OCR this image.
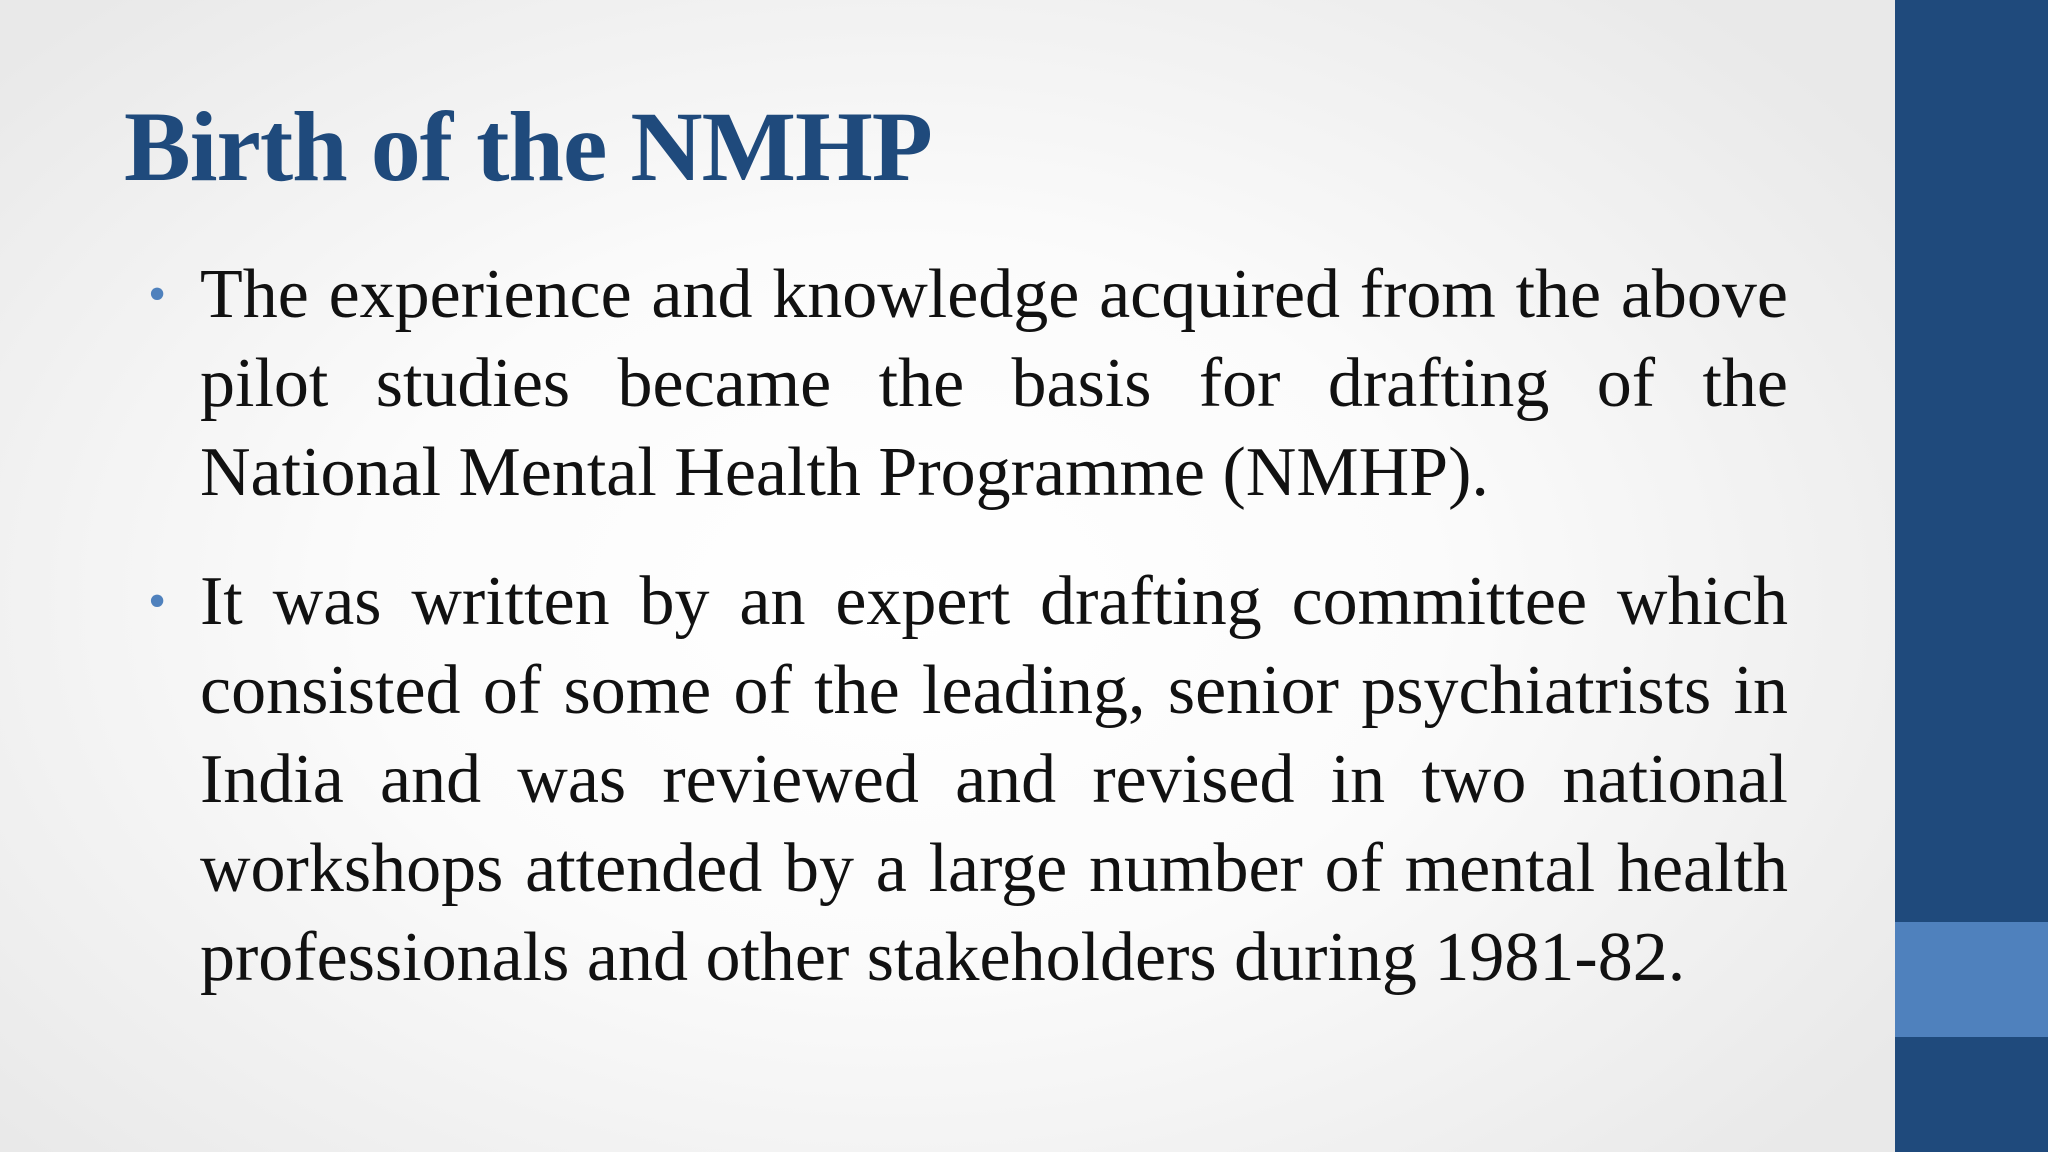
Birth of the NMHP

• The experience and knowledge acquired from the above pilot studies became the basis for drafting of the National Mental Health Programme (NMHP).

• It was written by an expert drafting committee which consisted of some of the leading, senior psychiatrists in India and was reviewed and revised in two national workshops attended by a large number of mental health professionals and other stakeholders during 1981-82.
